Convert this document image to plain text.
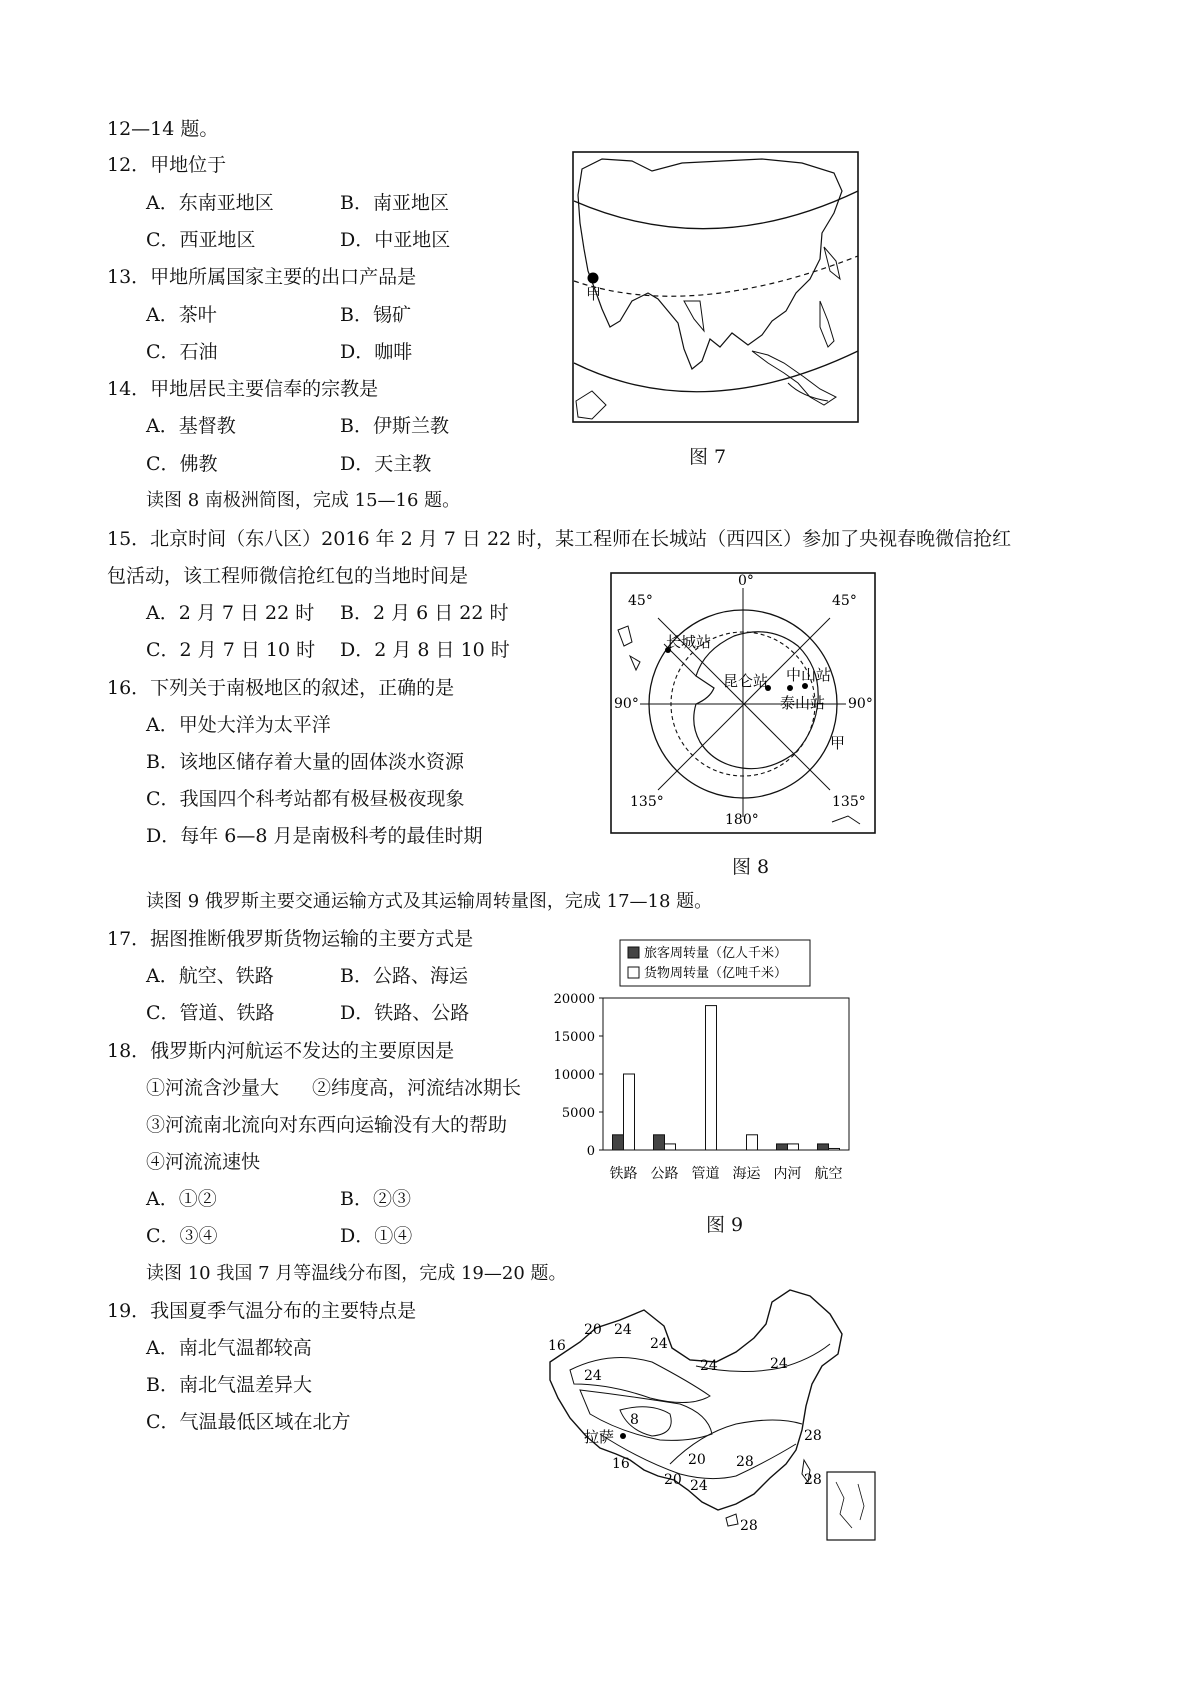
12—14 题。
12．甲地位于
A．东南亚地区	B．南亚地区
C．西亚地区	D．中亚地区
13．甲地所属国家主要的出口产品是
A．茶叶	B．锡矿
C．石油	D．咖啡
14．甲地居民主要信奉的宗教是
A．基督教	B．伊斯兰教
C．佛教	D．天主教
读图 8 南极洲简图，完成 15—16 题。
15．北京时间（东八区）2016 年 2 月 7 日 22 时，某工程师在长城站（西四区）参加了央视春晚微信抢红
包活动，该工程师微信抢红包的当地时间是
A．2 月 7 日 22 时 B．2 月 6 日 22 时
C．2 月 7 日 10 时 D．2 月 8 日 10 时
16．下列关于南极地区的叙述，正确的是
A．甲处大洋为太平洋
B．该地区储存着大量的固体淡水资源
C．我国四个科考站都有极昼极夜现象
D．每年 6—8 月是南极科考的最佳时期
读图 9 俄罗斯主要交通运输方式及其运输周转量图，完成 17—18 题。
17．据图推断俄罗斯货物运输的主要方式是
A．航空、铁路	B．公路、海运
C．管道、铁路	D．铁路、公路
18．俄罗斯内河航运不发达的主要原因是
①河流含沙量大 ②纬度高，河流结冰期长
③河流南北流向对东西向运输没有大的帮助
④河流流速快
A．①②	B．②③
C．③④	D．①④
读图 10 我国 7 月等温线分布图，完成 19—20 题。
19．我国夏季气温分布的主要特点是
A．南北气温都较高
B．南北气温差异大
C．气温最低区域在北方
甲
图 7
0°
45°	45°
90°	90°
135°	135°
180°
长城站
昆仑站 中山站
泰山站
甲
图 8
旅客周转量（亿人千米）
货物周转量（亿吨千米）
20000
15000
10000
5000
0
铁路 公路 管道 海运 内河 航空
图 9
16
20 24
24
24
24	24
8
拉萨
16
20
20 28
28
24	28
28
